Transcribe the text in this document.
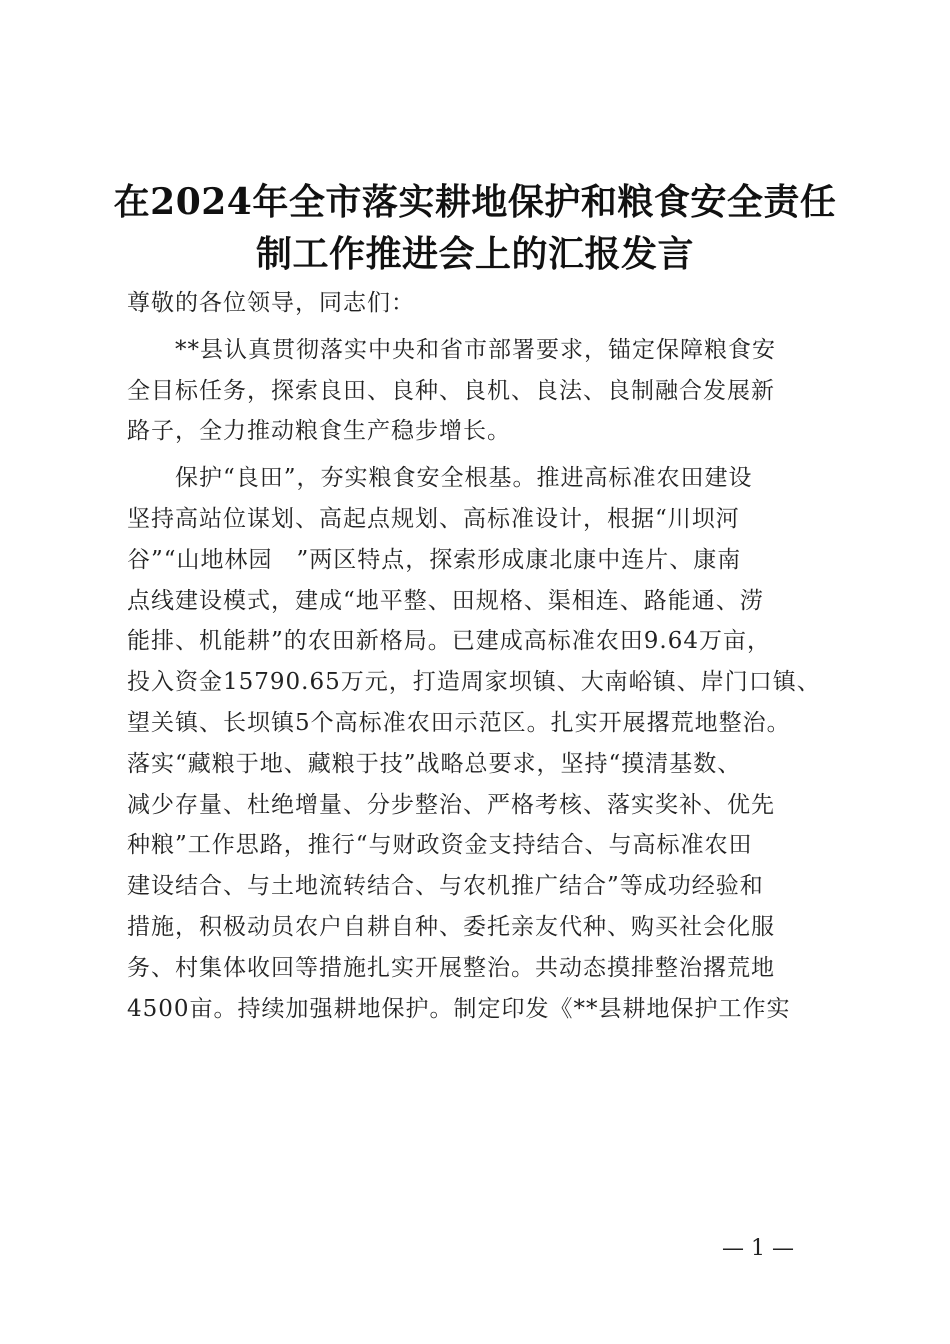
在2024年全市落实耕地保护和粮食安全责任
制工作推进会上的汇报发言
尊敬的各位领导，同志们：
　　**县认真贯彻落实中央和省市部署要求，锚定保障粮食安
全目标任务，探索良田、良种、良机、良法、良制融合发展新
路子，全力推动粮食生产稳步增长。
　　保护“良田”，夯实粮食安全根基。推进高标准农田建设
坚持高站位谋划、高起点规划、高标准设计，根据“川坝河
谷”“山地林园　”两区特点，探索形成康北康中连片、康南
点线建设模式，建成“地平整、田规格、渠相连、路能通、涝
能排、机能耕”的农田新格局。已建成高标准农田9.64万亩，
投入资金15790.65万元，打造周家坝镇、大南峪镇、岸门口镇、
望关镇、长坝镇5个高标准农田示范区。扎实开展撂荒地整治。
落实“藏粮于地、藏粮于技”战略总要求，坚持“摸清基数、
减少存量、杜绝增量、分步整治、严格考核、落实奖补、优先
种粮”工作思路，推行“与财政资金支持结合、与高标准农田
建设结合、与土地流转结合、与农机推广结合”等成功经验和
措施，积极动员农户自耕自种、委托亲友代种、购买社会化服
务、村集体收回等措施扎实开展整治。共动态摸排整治撂荒地
4500亩。持续加强耕地保护。制定印发《**县耕地保护工作实
— 1 —
